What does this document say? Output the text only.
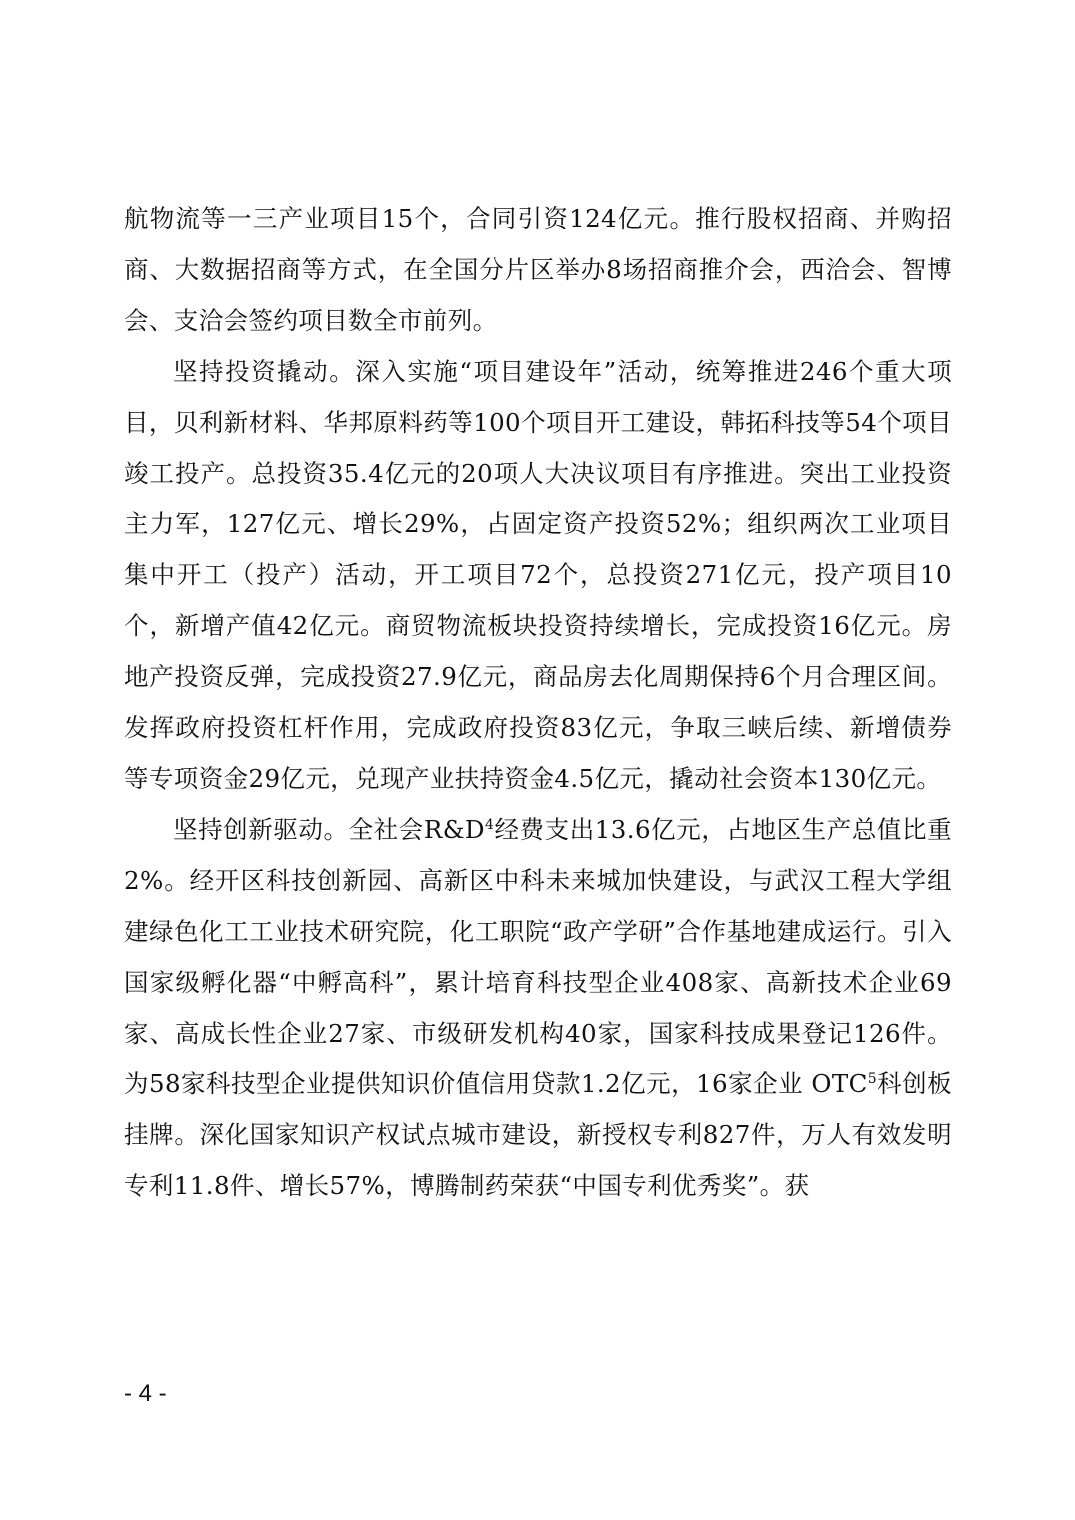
航物流等一三产业项目15个，合同引资124亿元。推行股权招商、并购招商、大数据招商等方式，在全国分片区举办8场招商推介会，西洽会、智博会、支洽会签约项目数全市前列。

坚持投资撬动。深入实施“项目建设年”活动，统筹推进246个重大项目，贝利新材料、华邦原料药等100个项目开工建设，韩拓科技等54个项目竣工投产。总投资35.4亿元的20项人大决议项目有序推进。突出工业投资主力军，127亿元、增长29%，占固定资产投资52%；组织两次工业项目集中开工（投产）活动，开工项目72个，总投资271亿元，投产项目10个，新增产值42亿元。商贸物流板块投资持续增长，完成投资16亿元。房地产投资反弹，完成投资27.9亿元，商品房去化周期保持6个月合理区间。发挥政府投资杠杆作用，完成政府投资83亿元，争取三峡后续、新增债券等专项资金29亿元，兑现产业扶持资金4.5亿元，撬动社会资本130亿元。

坚持创新驱动。全社会$R\&D^4$经费支出13.6亿元，占地区生产总值比重 2%。经开区科技创新园、高新区中科未来城加快建设，与武汉工程大学组建绿色化工工业技术研究院，化工职院“政产学研”合作基地建成运行。引入国家级孵化器“中孵高科”，累计培育科技型企业408家、高新技术企业69家、高成长性企业27家、市级研发机构40家，国家科技成果登记126件。为58家科技型企业提供知识价值信用贷款1.2亿元，16家企业 OTC$^5$科创板挂牌。深化国家知识产权试点城市建设，新授权专利827件，万人有效发明专利11.8件、增长57%，博腾制药荣获“中国专利优秀奖”。获

- 4 -
